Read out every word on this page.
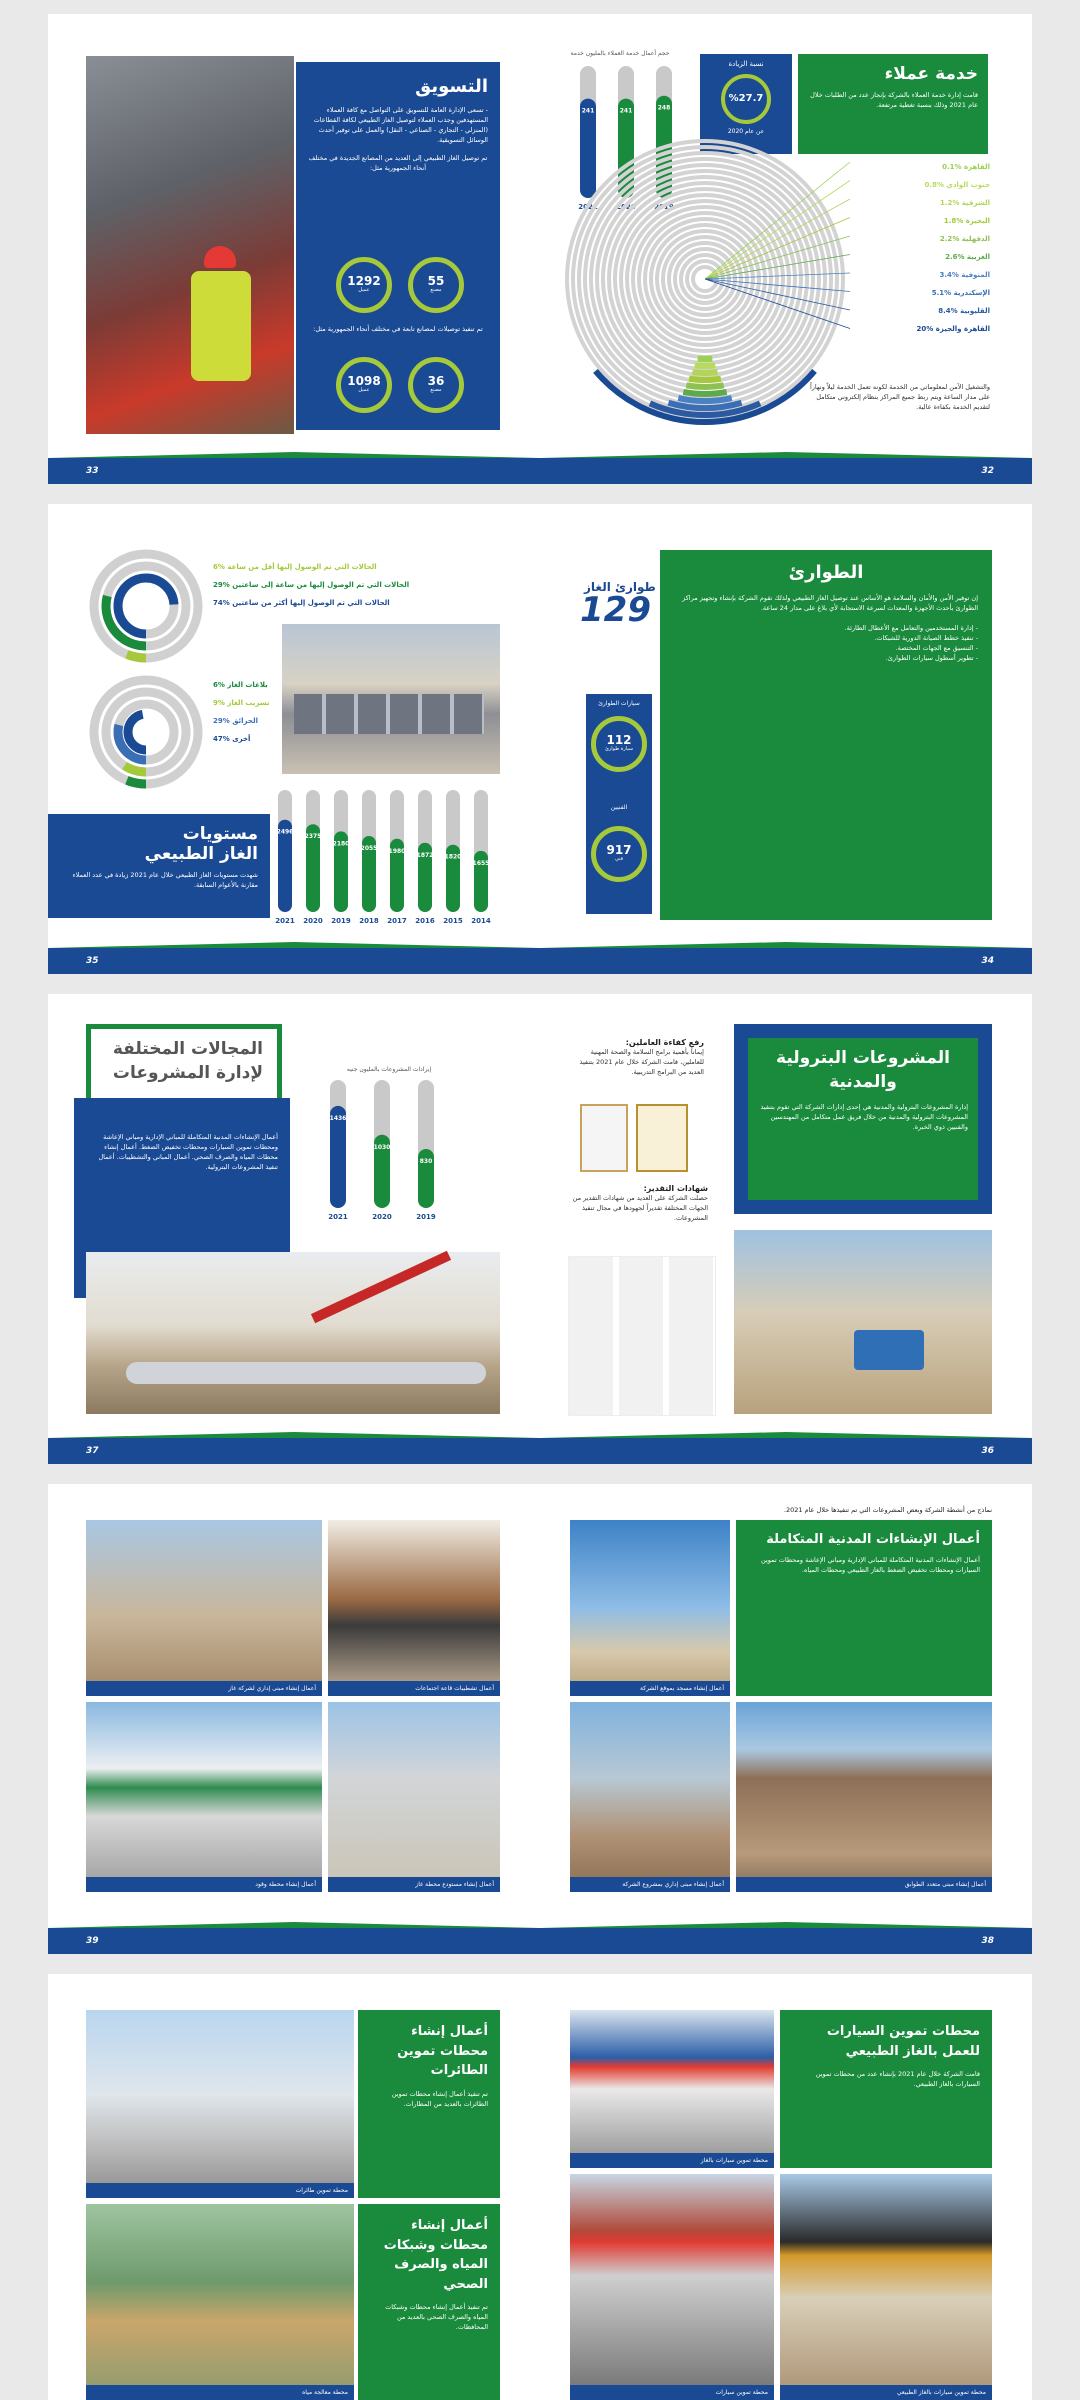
التسويق
- تسعى الإدارة العامة للتسويق على التواصل مع كافة العملاء المستهدفين وجذب العملاء لتوصيل الغاز الطبيعي لكافة القطاعات (المنزلي - التجاري - الصناعي - النقل) والعمل على توفير أحدث الوسائل التسويقية.
تم توصيل الغاز الطبيعي إلى العديد من المصانع الجديدة في مختلف أنحاء الجمهورية مثل:
تم تنفيذ توصيلات لمصانع تابعة في مختلف أنحاء الجمهورية مثل:
1292
عميل
55
مصنع
1098
عميل
36
مصنع
33
حجم أعمال خدمة العملاء بالمليون خدمة
241
2021
241
2020
248
2019
نسبة الزيادة
%27.7
عن عام 2020
خدمة عملاء
قامت إدارة خدمة العملاء بالشركة بإنجاز عدد من الطلبات خلال عام 2021 وذلك بنسبة تغطية مرتفعة.
القاهرة %0.1
جنوب الوادي %0.8
الشرقية %1.2
البحيرة %1.8
الدقهلية %2.2
الغربية %2.6
المنوفية %3.4
الإسكندرية %5.1
القليوبية %8.4
القاهرة والجيزة %20
والتشغيل الآمن لمعلوماتي من الخدمة لكونه تعمل الخدمة ليلاً ونهاراً على مدار الساعة ويتم ربط جميع المراكز بنظام إلكتروني متكامل لتقديم الخدمة بكفاءة عالية.
32
الحالات التي تم الوصول إليها أقل من ساعة %6
الحالات التي تم الوصول إليها من ساعة إلى ساعتين %29
الحالات التي تم الوصول إليها أكثر من ساعتين %74
بلاغات الغاز %6
تسريب الغاز %9
الحرائق %29
أخرى %47
2496
2021
2375
2020
2180
2019
2055
2018
1980
2017
1872
2016
1820
2015
1655
2014
مستويات
الغاز الطبيعي
شهدت مستويات الغاز الطبيعي خلال عام 2021 زيادة في عدد العملاء مقارنة بالأعوام السابقة.
35
طوارئ الغاز
129
سيارات الطوارئ
112
سيارة طوارئ
الفنيين
917
فني
الطوارئ
إن توفير الأمن والأمان والسلامة هو الأساس عند توصيل الغاز الطبيعي ولذلك تقوم الشركة بإنشاء وتجهيز مراكز الطوارئ بأحدث الأجهزة والمعدات لسرعة الاستجابة لأي بلاغ على مدار 24 ساعة.
- إدارة المستخدمين والتعامل مع الأعطال الطارئة.
- تنفيذ خطط الصيانة الدورية للشبكات.
- التنسيق مع الجهات المختصة.
- تطوير أسطول سيارات الطوارئ.
34
المجالات المختلفة
لإدارة المشروعات
أعمال الإنشاءات المدنية المتكاملة للمباني الإدارية ومباني الإعاشة ومحطات تموين السيارات ومحطات تخفيض الضغط. أعمال إنشاء محطات المياه والصرف الصحي. أعمال المباني والتشطيبات. أعمال تنفيذ المشروعات البترولية.
إيرادات المشروعات بالمليون جنيه
1436
2021
1030
2020
830
2019
37
رفع كفاءة العاملين:
إيماناً بأهمية برامج السلامة والصحة المهنية للعاملين، قامت الشركة خلال عام 2021 بتنفيذ العديد من البرامج التدريبية.
شهادات التقدير:
حصلت الشركة على العديد من شهادات التقدير من الجهات المختلفة تقديراً لجهودها في مجال تنفيذ المشروعات.
المشروعات البترولية
والمدنية
إدارة المشروعات البترولية والمدنية هي إحدى إدارات الشركة التي تقوم بتنفيذ المشروعات البترولية والمدنية من خلال فريق عمل متكامل من المهندسين والفنيين ذوي الخبرة.
36
أعمال إنشاء مبنى إداري لشركة غاز	أعمال تشطيبات قاعة اجتماعات
أعمال إنشاء محطة وقود	أعمال إنشاء مستودع محطة غاز
39
نماذج من أنشطة الشركة وبعض المشروعات التي تم تنفيذها خلال عام 2021.
أعمال إنشاء مسجد بموقع الشركة
أعمال الإنشاءات المدنية المتكاملة
أعمال الإنشاءات المدنية المتكاملة للمباني الإدارية ومباني الإعاشة ومحطات تموين السيارات ومحطات تخفيض الضغط بالغاز الطبيعي ومحطات المياه.
أعمال إنشاء مبنى إداري بمشروع الشركة	أعمال إنشاء مبنى متعدد الطوابق
38
محطة تموين طائرات
أعمال إنشاء محطات تموين الطائرات
تم تنفيذ أعمال إنشاء محطات تموين الطائرات بالعديد من المطارات.
محطة معالجة مياه
أعمال إنشاء محطات وشبكات المياه والصرف الصحي
تم تنفيذ أعمال إنشاء محطات وشبكات المياه والصرف الصحي بالعديد من المحافظات.
محطة تموين سيارات بالغاز
محطات تموين السيارات للعمل بالغاز الطبيعي
قامت الشركة خلال عام 2021 بإنشاء عدد من محطات تموين السيارات بالغاز الطبيعي.
محطة تموين سيارات	محطة تموين سيارات بالغاز الطبيعي
